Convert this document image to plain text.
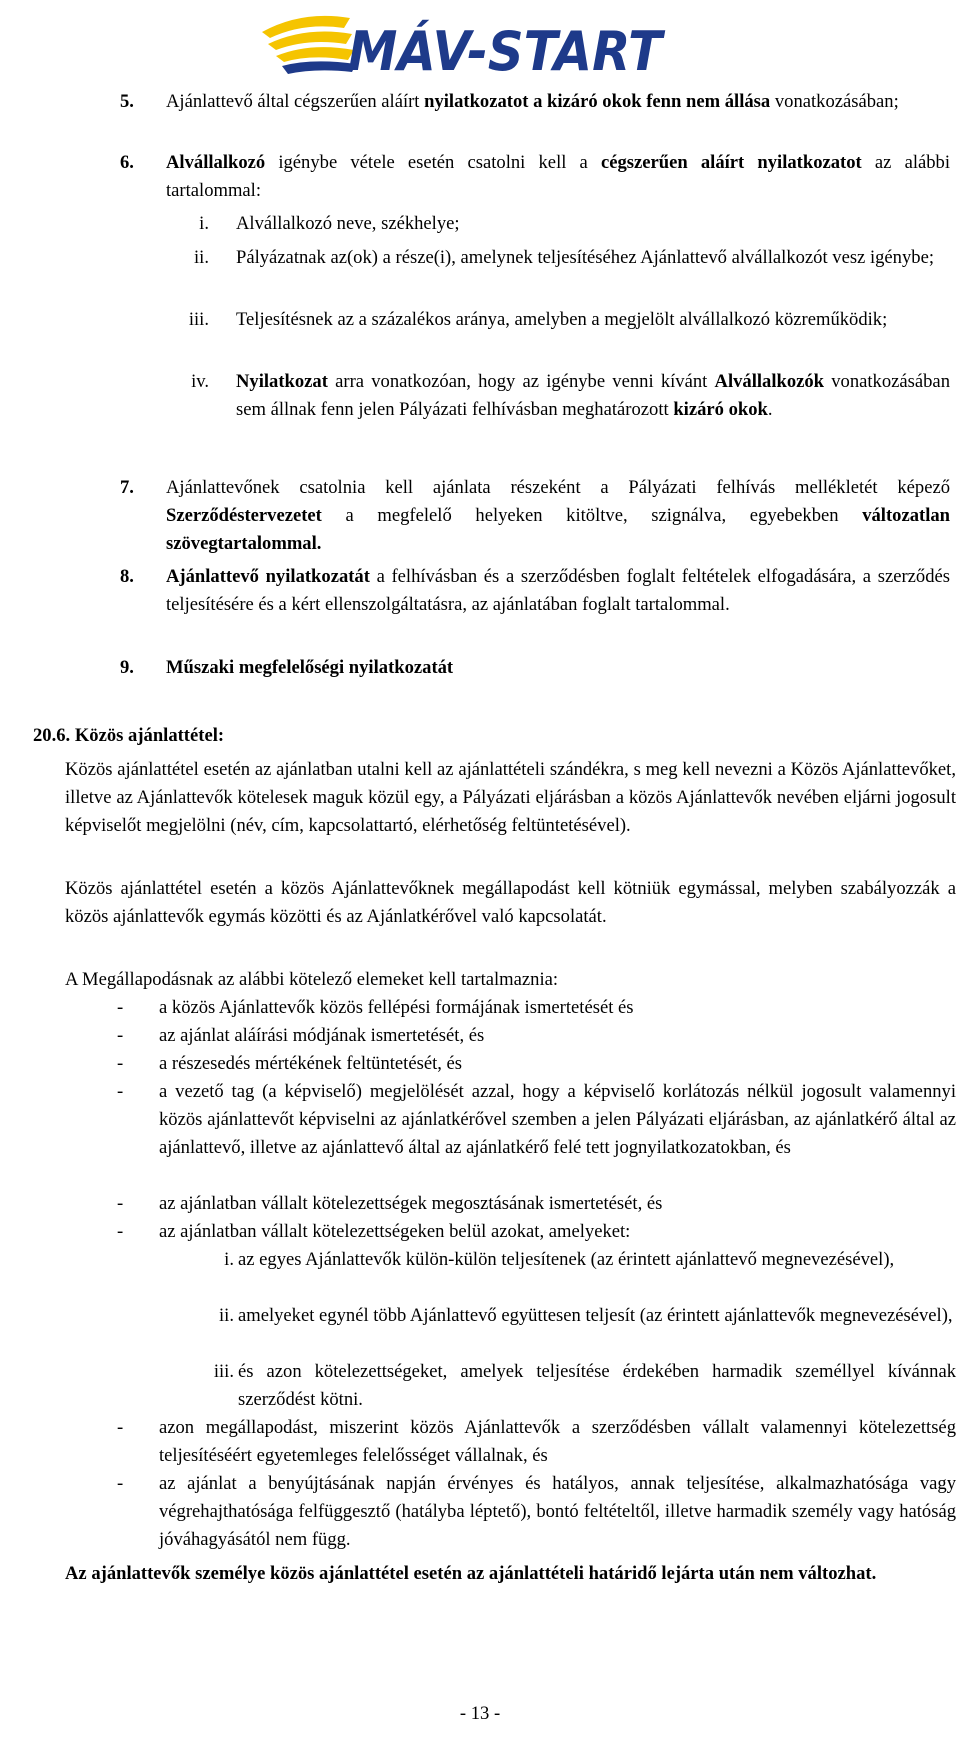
MÁV-START
5. Ajánlattevő által cégszerűen aláírt nyilatkozatot a kizáró okok fenn nem állása vonatkozásában;
6. Alvállalkozó igénybe vétele esetén csatolni kell a cégszerűen aláírt nyilatkozatot az alábbi tartalommal:
i. Alvállalkozó neve, székhelye;
ii. Pályázatnak az(ok) a része(i), amelynek teljesítéséhez Ajánlattevő alvállalkozót vesz igénybe;
iii. Teljesítésnek az a százalékos aránya, amelyben a megjelölt alvállalkozó közreműködik;
iv. Nyilatkozat arra vonatkozóan, hogy az igénybe venni kívánt Alvállalkozók vonatkozásában sem állnak fenn jelen Pályázati felhívásban meghatározott kizáró okok.
7. Ajánlattevőnek csatolnia kell ajánlata részeként a Pályázati felhívás mellékletét képező Szerződéstervezetet a megfelelő helyeken kitöltve, szignálva, egyebekben változatlan szövegtartalommal.
8. Ajánlattevő nyilatkozatát a felhívásban és a szerződésben foglalt feltételek elfogadására, a szerződés teljesítésére és a kért ellenszolgáltatásra, az ajánlatában foglalt tartalommal.
9. Műszaki megfelelőségi nyilatkozatát
20.6. Közös ajánlattétel:
Közös ajánlattétel esetén az ajánlatban utalni kell az ajánlattételi szándékra, s meg kell nevezni a Közös Ajánlattevőket, illetve az Ajánlattevők kötelesek maguk közül egy, a Pályázati eljárásban a közös Ajánlattevők nevében eljárni jogosult képviselőt megjelölni (név, cím, kapcsolattartó, elérhetőség feltüntetésével).
Közös ajánlattétel esetén a közös Ajánlattevőknek megállapodást kell kötniük egymással, melyben szabályozzák a közös ajánlattevők egymás közötti és az Ajánlatkérővel való kapcsolatát.
A Megállapodásnak az alábbi kötelező elemeket kell tartalmaznia:
- a közös Ajánlattevők közös fellépési formájának ismertetését és
- az ajánlat aláírási módjának ismertetését, és
- a részesedés mértékének feltüntetését, és
- a vezető tag (a képviselő) megjelölését azzal, hogy a képviselő korlátozás nélkül jogosult valamennyi közös ajánlattevőt képviselni az ajánlatkérővel szemben a jelen Pályázati eljárásban, az ajánlatkérő által az ajánlattevő, illetve az ajánlattevő által az ajánlatkérő felé tett jognyilatkozatokban, és
- az ajánlatban vállalt kötelezettségek megosztásának ismertetését, és
- az ajánlatban vállalt kötelezettségeken belül azokat, amelyeket:
i. az egyes Ajánlattevők külön-külön teljesítenek (az érintett ajánlattevő megnevezésével),
ii. amelyeket egynél több Ajánlattevő együttesen teljesít (az érintett ajánlattevők megnevezésével),
iii. és azon kötelezettségeket, amelyek teljesítése érdekében harmadik személlyel kívánnak szerződést kötni.
- azon megállapodást, miszerint közös Ajánlattevők a szerződésben vállalt valamennyi kötelezettség teljesítéséért egyetemleges felelősséget vállalnak, és
- az ajánlat a benyújtásának napján érvényes és hatályos, annak teljesítése, alkalmazhatósága vagy végrehajthatósága felfüggesztő (hatályba léptető), bontó feltételtől, illetve harmadik személy vagy hatóság jóváhagyásától nem függ.
Az ajánlattevők személye közös ajánlattétel esetén az ajánlattételi határidő lejárta után nem változhat.
- 13 -
